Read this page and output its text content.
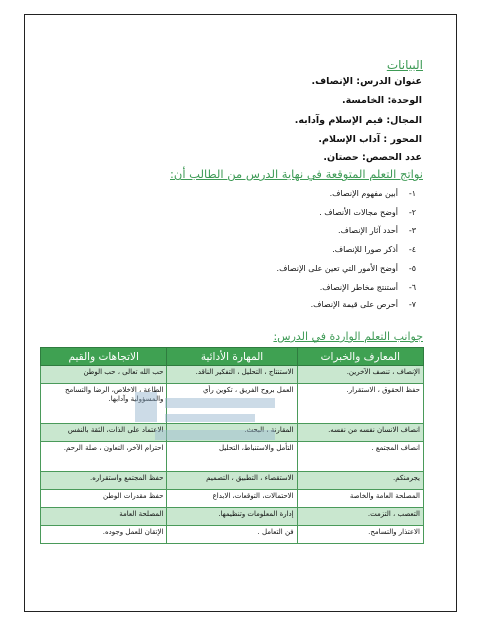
البيانات
عنوان الدرس: الإنصاف.
الوحدة: الخامسة.
المجال: قيم الإسلام وآدابه.
المحور : آداب الإسلام.
عدد الحصص: حصتان.
نواتج التعلم المتوقعة في نهاية الدرس من الطالب أن:
١-أبين مفهوم الإنصاف.
٢-أوضح مجالات الأنصاف .
٣-أحدد آثار الإنصاف.
٤-أذكر صورا للإنصاف.
٥-أوضح الأمور التي تعين على الإنصاف.
٦-أستنتج مخاطر الإنصاف.
٧-أحرص على قيمة الإنصاف.
جوانب التعلم الواردة في الدرس:
المعارف والخبرات	المهارة الأدائية	الاتجاهات والقيم
الإنصاف ، تنصف الآخرين.	الاستنتاج ، التحليل ، التفكير الناقد.	حب الله تعالى ، حب الوطن
حفظ الحقوق ، الاستقرار.	العمل بروح الفريق ، تكوين رأي	الطاعة ، الاخلاص، الرضا والتسامح والمسؤولية وآدابها.
انصاف الانسان نفسه من نفسه.	المقارنة ، البحث.	الاعتماد على الذات، الثقة بالنفس
انصاف المجتمع .	التأمل والاستنباط، التحليل	احترام الآخر، التعاون ، صلة الرحم.
يجرمنكم.	الاستقصاء ، التطبيق ، التصميم	حفظ المجتمع واستقراره.
المصلحة العامة والخاصة	الاحتمالات، التوقعات، الابداع	حفظ مقدرات الوطن
التعصب ، التزمت.	إدارة المعلومات وتنظيمها.	المصلحة العامة
الاعتذار والتسامح.	فن التعامل .	الإتقان للعمل وجوده.
